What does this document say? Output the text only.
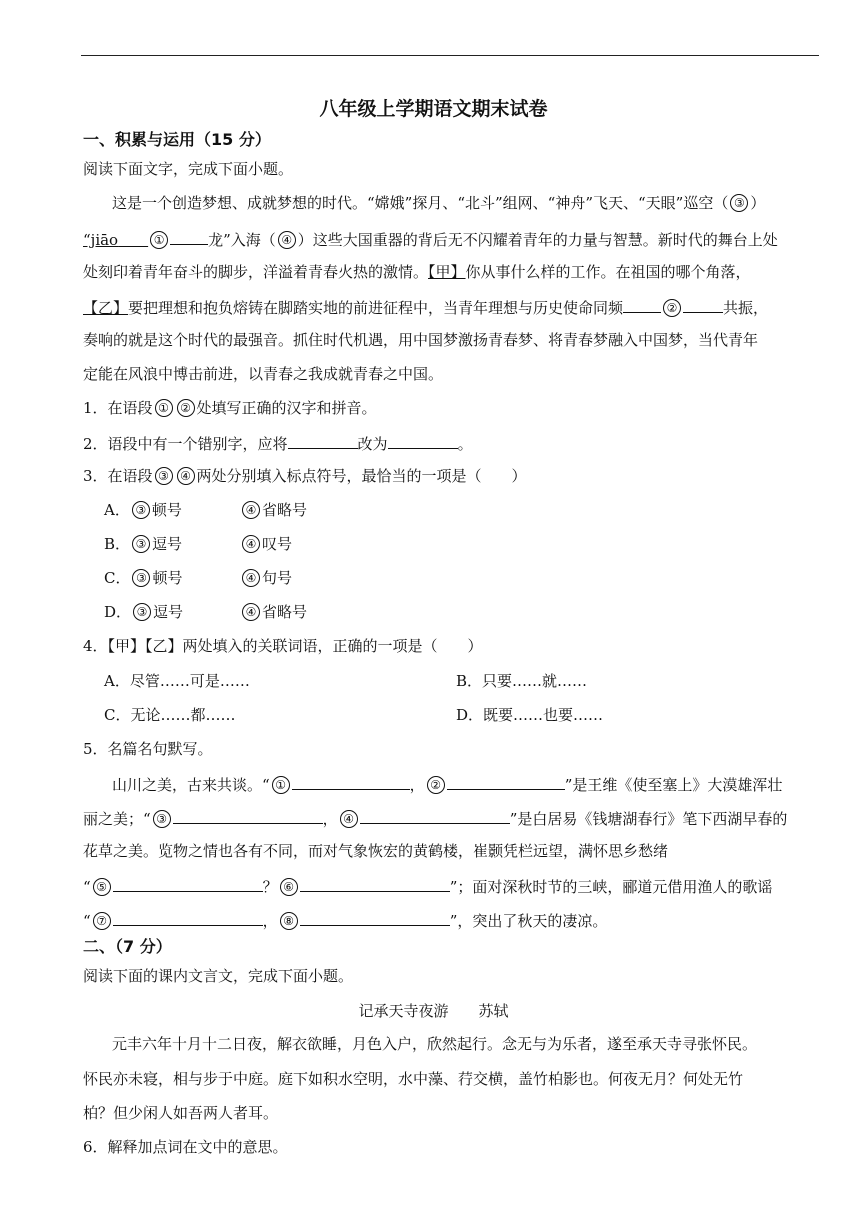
八年级上学期语文期末试卷
一、积累与运用（15 分）
阅读下面文字，完成下面小题。
这是一个创造梦想、成就梦想的时代。“嫦娥”探月、“北斗”组网、“神舟”飞天、“天眼”巡空（ ③ ）
“jiāo　　	①	龙”入海（ ④ ）这些大国重器的背后无不闪耀着青年的力量与智慧。新时代的舞台上处
处刻印着青年奋斗的脚步，洋溢着青春火热的激情。【甲】你从事什么样的工作。在祖国的哪个角落，
【乙】要把理想和抱负熔铸在脚踏实地的前进征程中，当青年理想与历史使命同频	②	共振，
奏响的就是这个时代的最强音。抓住时代机遇，用中国梦激扬青春梦、将青春梦融入中国梦，当代青年
定能在风浪中博击前进，以青春之我成就青春之中国。
1．在语段 ① ② 处填写正确的汉字和拼音。
2．语段中有一个错别字，应将	改为	。
3．在语段 ③ ④ 两处分别填入标点符号，最恰当的一项是（　　）
A． ③ 顿号	④ 省略号
B． ③ 逗号	④ 叹号
C． ③ 顿号	④ 句号
D． ③ 逗号	④ 省略号
4．【甲】【乙】两处填入的关联词语，正确的一项是（　　）
A．尽管……可是……	B．只要……就……
C．无论……都……	D．既要……也要……
5．名篇名句默写。
山川之美，古来共谈。“ ①	， ②	”是王维《使至塞上》大漠雄浑壮
丽之美；“ ③	， ④	”是白居易《钱塘湖春行》笔下西湖早春的
花草之美。览物之情也各有不同，而对气象恢宏的黄鹤楼，崔颢凭栏远望，满怀思乡愁绪
“ ⑤	？ ⑥	”；面对深秋时节的三峡，郦道元借用渔人的歌谣
“ ⑦	， ⑧	”，突出了秋天的凄凉。
二、（7 分）
阅读下面的课内文言文，完成下面小题。
记承天寺夜游　　 苏轼
元丰六年十月十二日夜，解衣欲睡，月色入户，欣然起行。念无与为乐者，遂至承天寺寻张怀民。
怀民亦未寝，相与步于中庭。庭下如积水空明，水中藻、荇交横，盖竹柏影也。何夜无月？何处无竹
柏？但少闲人如吾两人者耳。
6．解释加点词在文中的意思。
